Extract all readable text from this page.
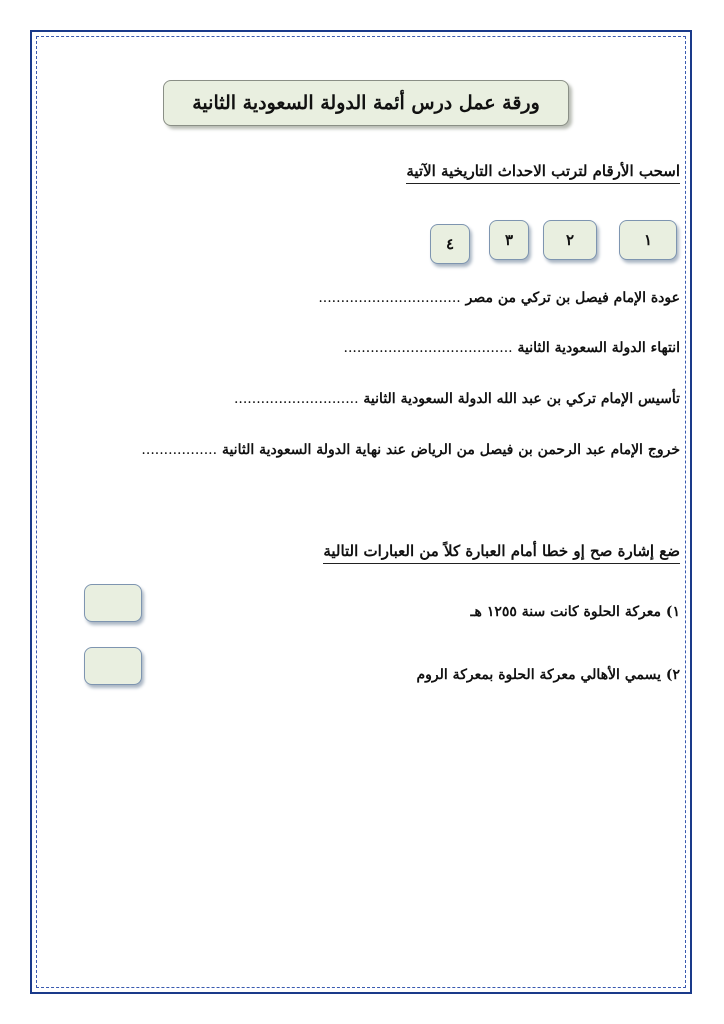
ورقة عمل درس أئمة الدولة السعودية الثانية
اسحب الأرقام لترتب الاحداث التاريخية الآتية
١
٢
٣
٤
عودة الإمام فيصل بن تركي من مصر ................................
انتهاء الدولة السعودية الثانية ......................................
تأسيس الإمام تركي بن عبد الله الدولة السعودية الثانية ............................
خروج الإمام عبد الرحمن بن فيصل من الرياض عند نهاية الدولة السعودية الثانية .................
ضع إشارة صح إو خطا أمام العبارة كلاً من العبارات التالية
١) معركة الحلوة كانت سنة ١٢٥٥ هـ
٢) يسمي الأهالي معركة الحلوة بمعركة الروم
